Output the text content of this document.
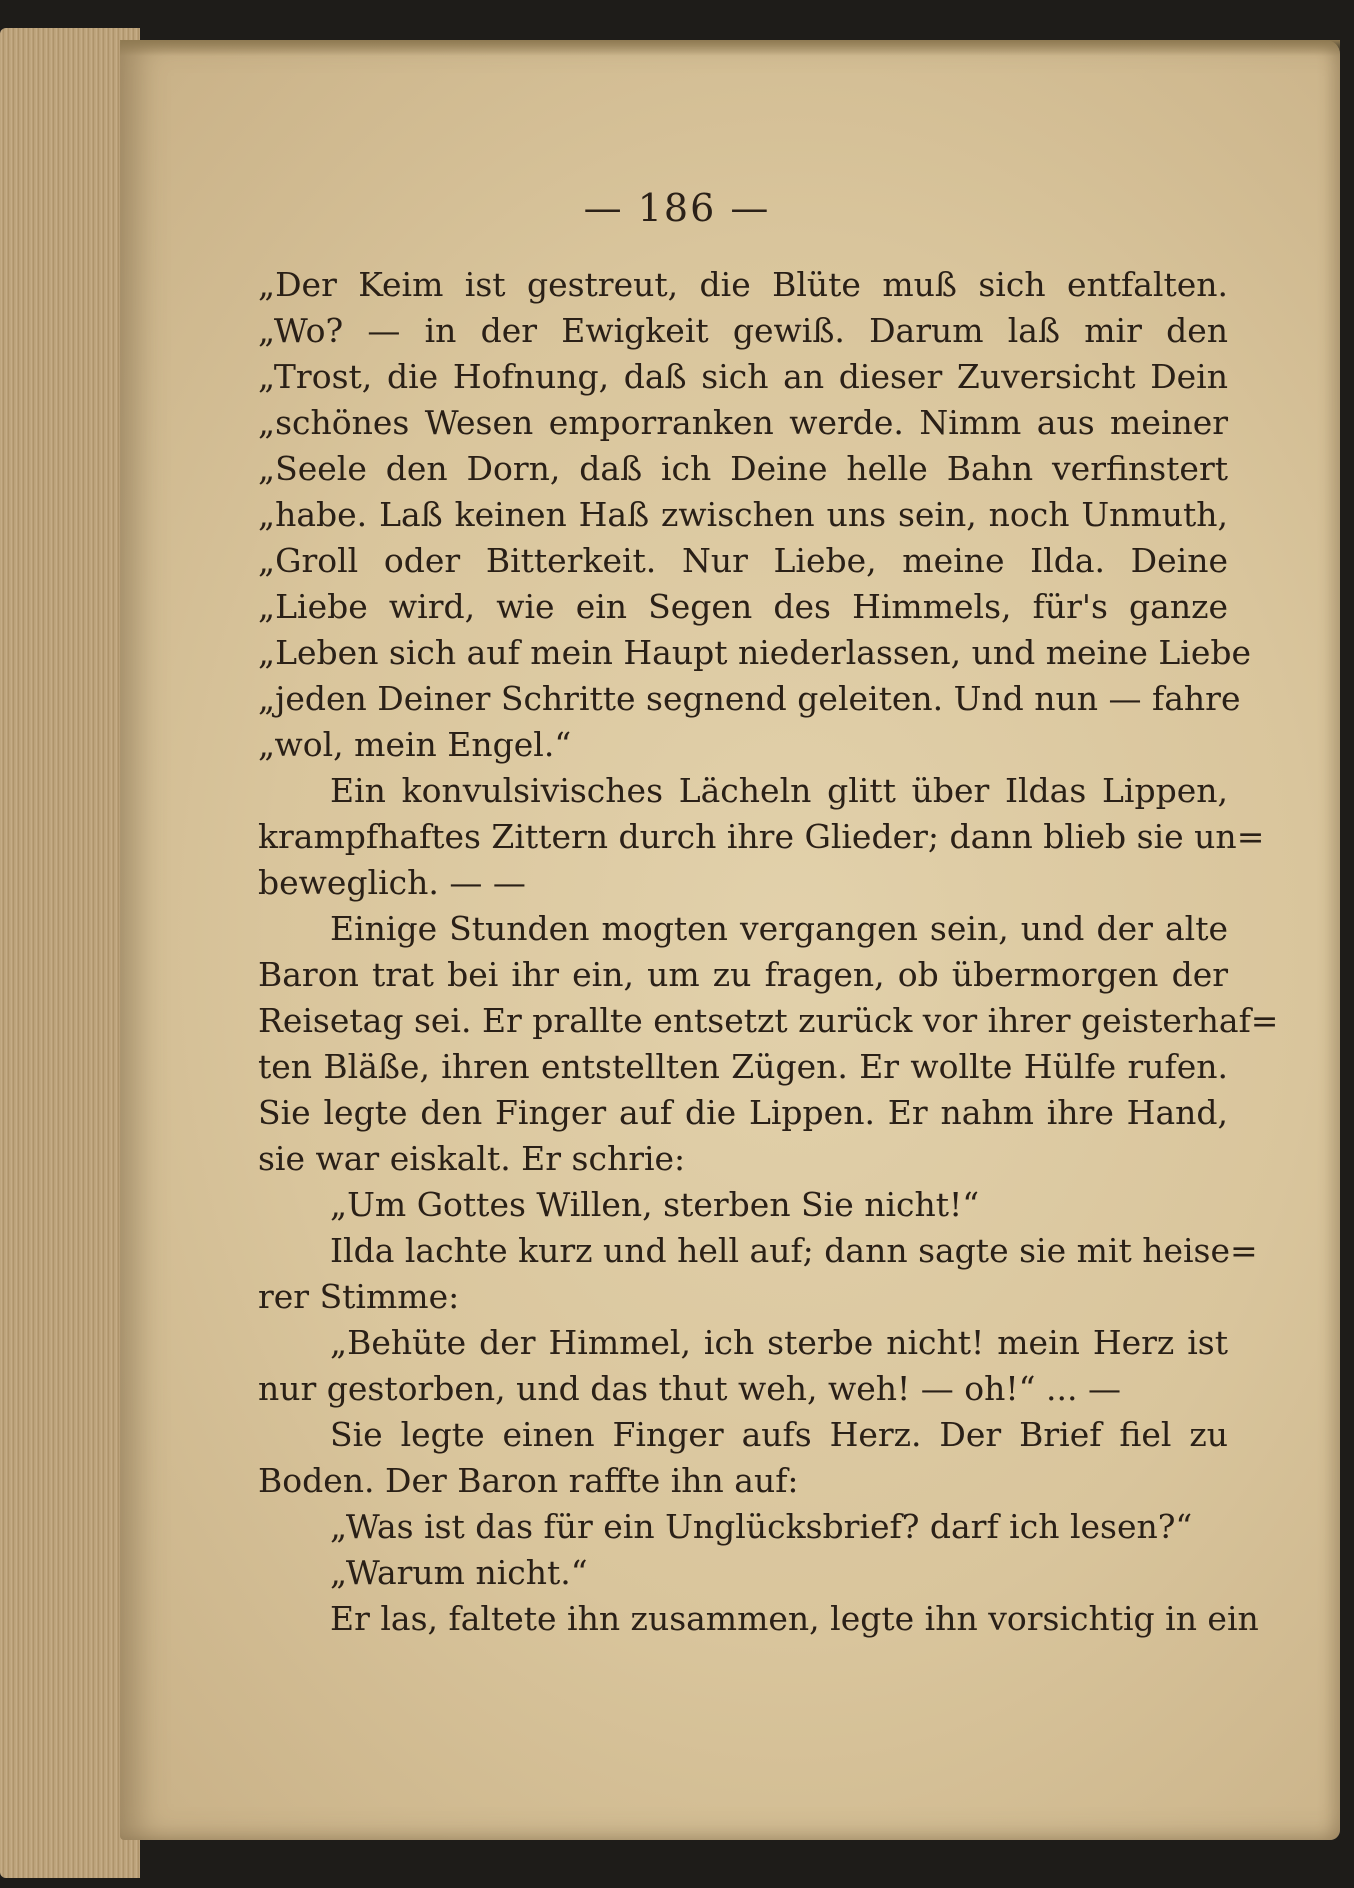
— 186 —
„Der Keim ist gestreut, die Blüte muß sich entfalten.
„Wo? — in der Ewigkeit gewiß. Darum laß mir den
„Trost, die Hofnung, daß sich an dieser Zuversicht Dein
„schönes Wesen emporranken werde. Nimm aus meiner
„Seele den Dorn, daß ich Deine helle Bahn verfinstert
„habe. Laß keinen Haß zwischen uns sein, noch Unmuth,
„Groll oder Bitterkeit. Nur Liebe, meine Ilda. Deine
„Liebe wird, wie ein Segen des Himmels, für's ganze
„Leben sich auf mein Haupt niederlassen, und meine Liebe
„jeden Deiner Schritte segnend geleiten. Und nun — fahre
„wol, mein Engel.“
Ein konvulsivisches Lächeln glitt über Ildas Lippen,
krampfhaftes Zittern durch ihre Glieder; dann blieb sie un=
beweglich. — —
Einige Stunden mogten vergangen sein, und der alte
Baron trat bei ihr ein, um zu fragen, ob übermorgen der
Reisetag sei. Er prallte entsetzt zurück vor ihrer geisterhaf=
ten Bläße, ihren entstellten Zügen. Er wollte Hülfe rufen.
Sie legte den Finger auf die Lippen. Er nahm ihre Hand,
sie war eiskalt. Er schrie:
„Um Gottes Willen, sterben Sie nicht!“
Ilda lachte kurz und hell auf; dann sagte sie mit heise=
rer Stimme:
„Behüte der Himmel, ich sterbe nicht! mein Herz ist
nur gestorben, und das thut weh, weh! — oh!“ ... —
Sie legte einen Finger aufs Herz. Der Brief fiel zu
Boden. Der Baron raffte ihn auf:
„Was ist das für ein Unglücksbrief? darf ich lesen?“
„Warum nicht.“
Er las, faltete ihn zusammen, legte ihn vorsichtig in ein
